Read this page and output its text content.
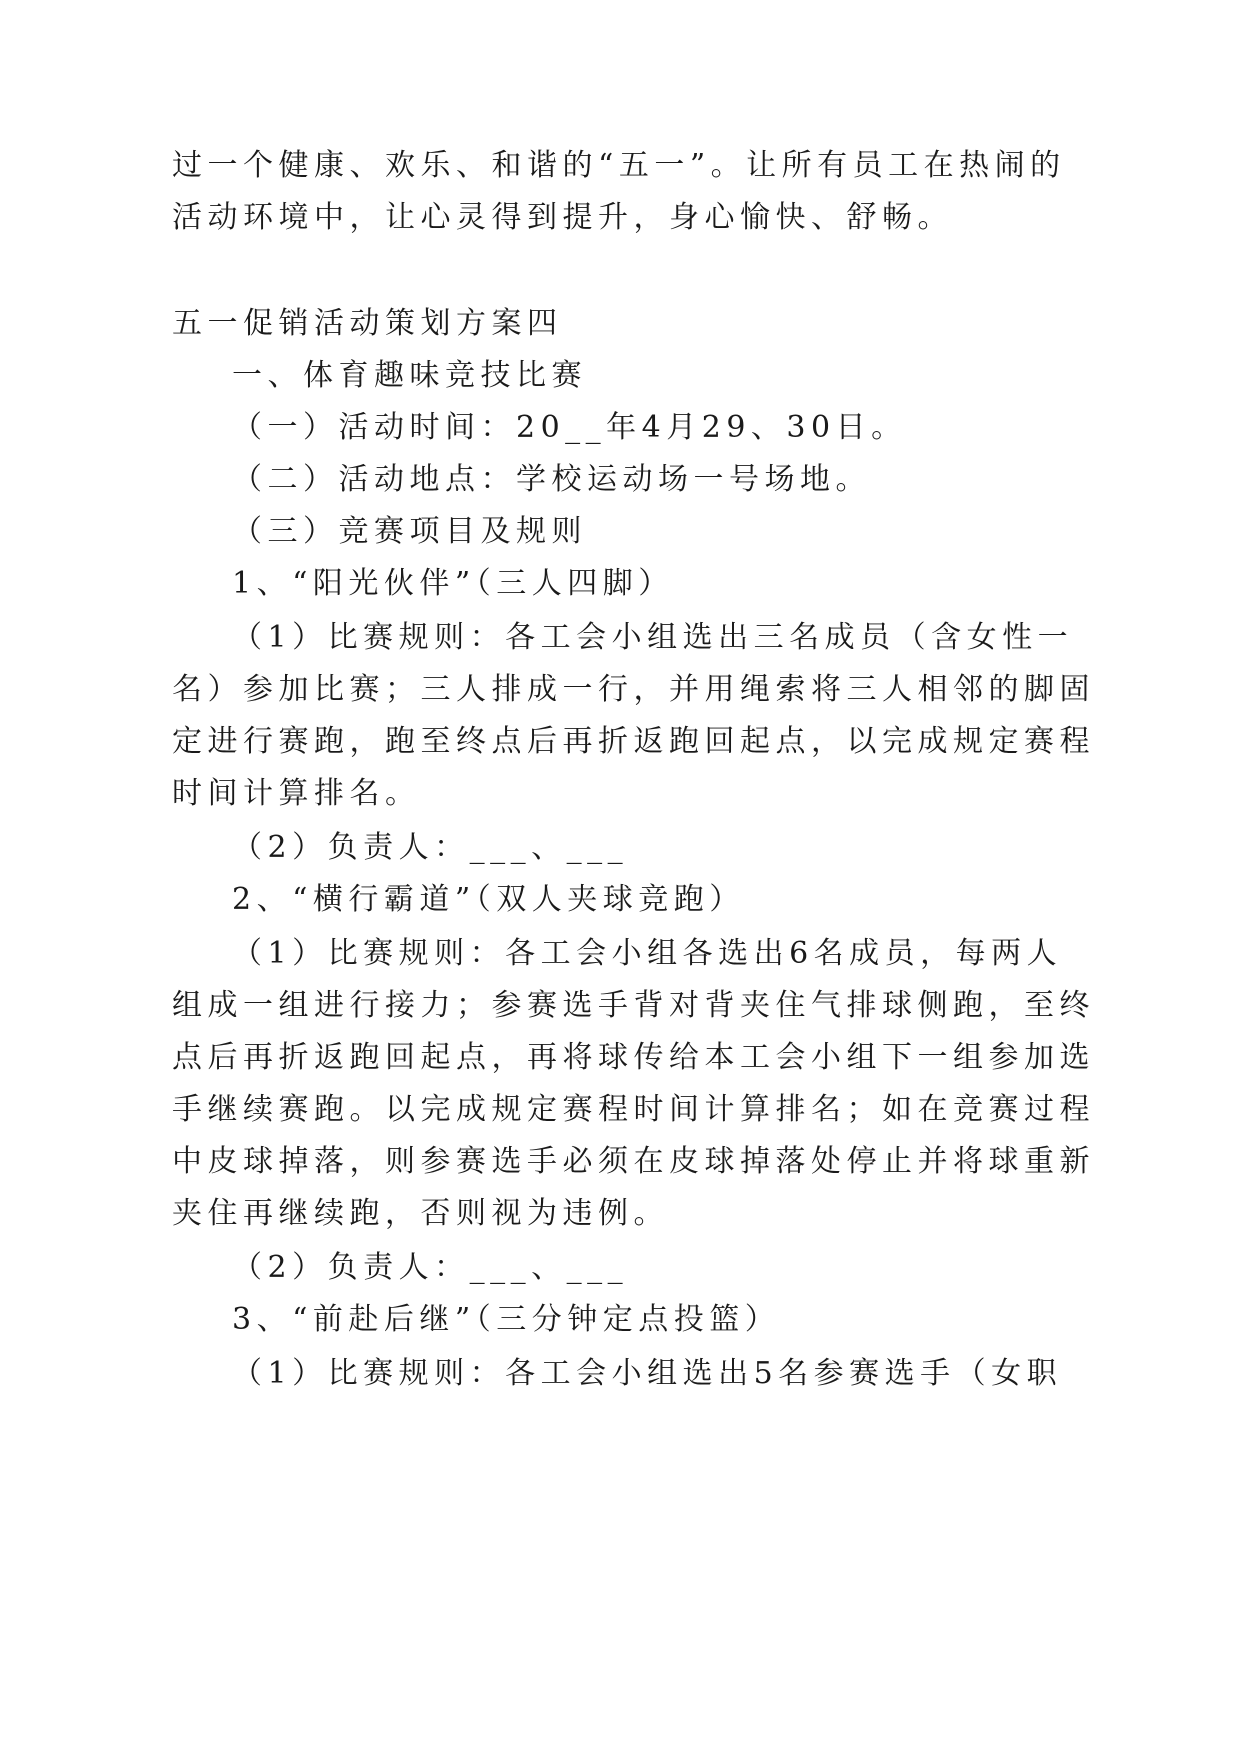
过一个健康、欢乐、和谐的“五一”。让所有员工在热闹的
活动环境中，让心灵得到提升，身心愉快、舒畅。
五一促销活动策划方案四
一、体育趣味竞技比赛
（一）活动时间：20__年4月29、30日。
（二）活动地点：学校运动场一号场地。
（三）竞赛项目及规则
1、“阳光伙伴”（三人四脚）
（1）比赛规则：各工会小组选出三名成员（含女性一
名）参加比赛；三人排成一行，并用绳索将三人相邻的脚固
定进行赛跑，跑至终点后再折返跑回起点，以完成规定赛程
时间计算排名。
（2）负责人：___、___
2、“横行霸道”（双人夹球竞跑）
（1）比赛规则：各工会小组各选出6名成员，每两人
组成一组进行接力；参赛选手背对背夹住气排球侧跑，至终
点后再折返跑回起点，再将球传给本工会小组下一组参加选
手继续赛跑。以完成规定赛程时间计算排名；如在竞赛过程
中皮球掉落，则参赛选手必须在皮球掉落处停止并将球重新
夹住再继续跑，否则视为违例。
（2）负责人：___、___
3、“前赴后继”（三分钟定点投篮）
（1）比赛规则：各工会小组选出5名参赛选手（女职
